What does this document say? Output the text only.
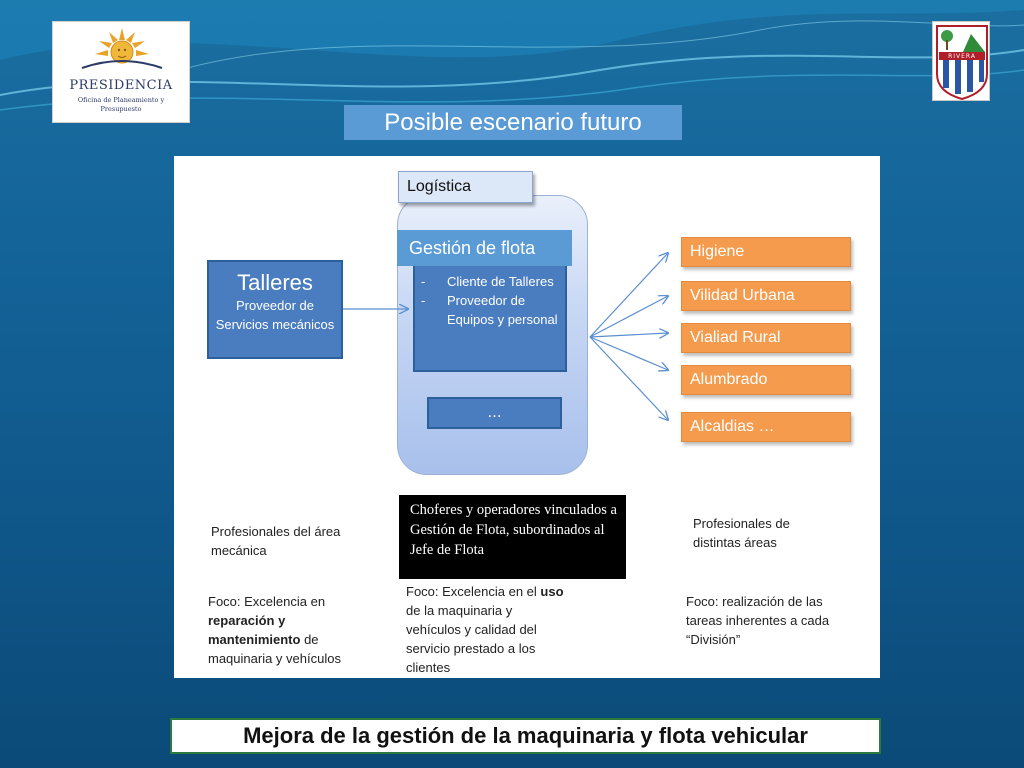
PRESIDENCIA
Oficina de Planeamiento y Presupuesto
RIVERA
Posible escenario futuro
Logística
- Cliente de Talleres
- Proveedor de Equipos y personal
Gestión de flota
…
Talleres
Proveedor de Servicios mecánicos
Higiene
Vilidad Urbana
Vialiad Rural
Alumbrado
Alcaldias …
Choferes y operadores vinculados a Gestión de Flota, subordinados al Jefe de Flota
Profesionales del área mecánica
Profesionales de distintas áreas
Foco: Excelencia en reparación y mantenimiento de maquinaria y vehículos
Foco: Excelencia en el uso de la maquinaria y vehículos y calidad del servicio prestado a los clientes
Foco: realización de las tareas inherentes a cada “División”
Mejora de la gestión de la maquinaria y flota vehicular
